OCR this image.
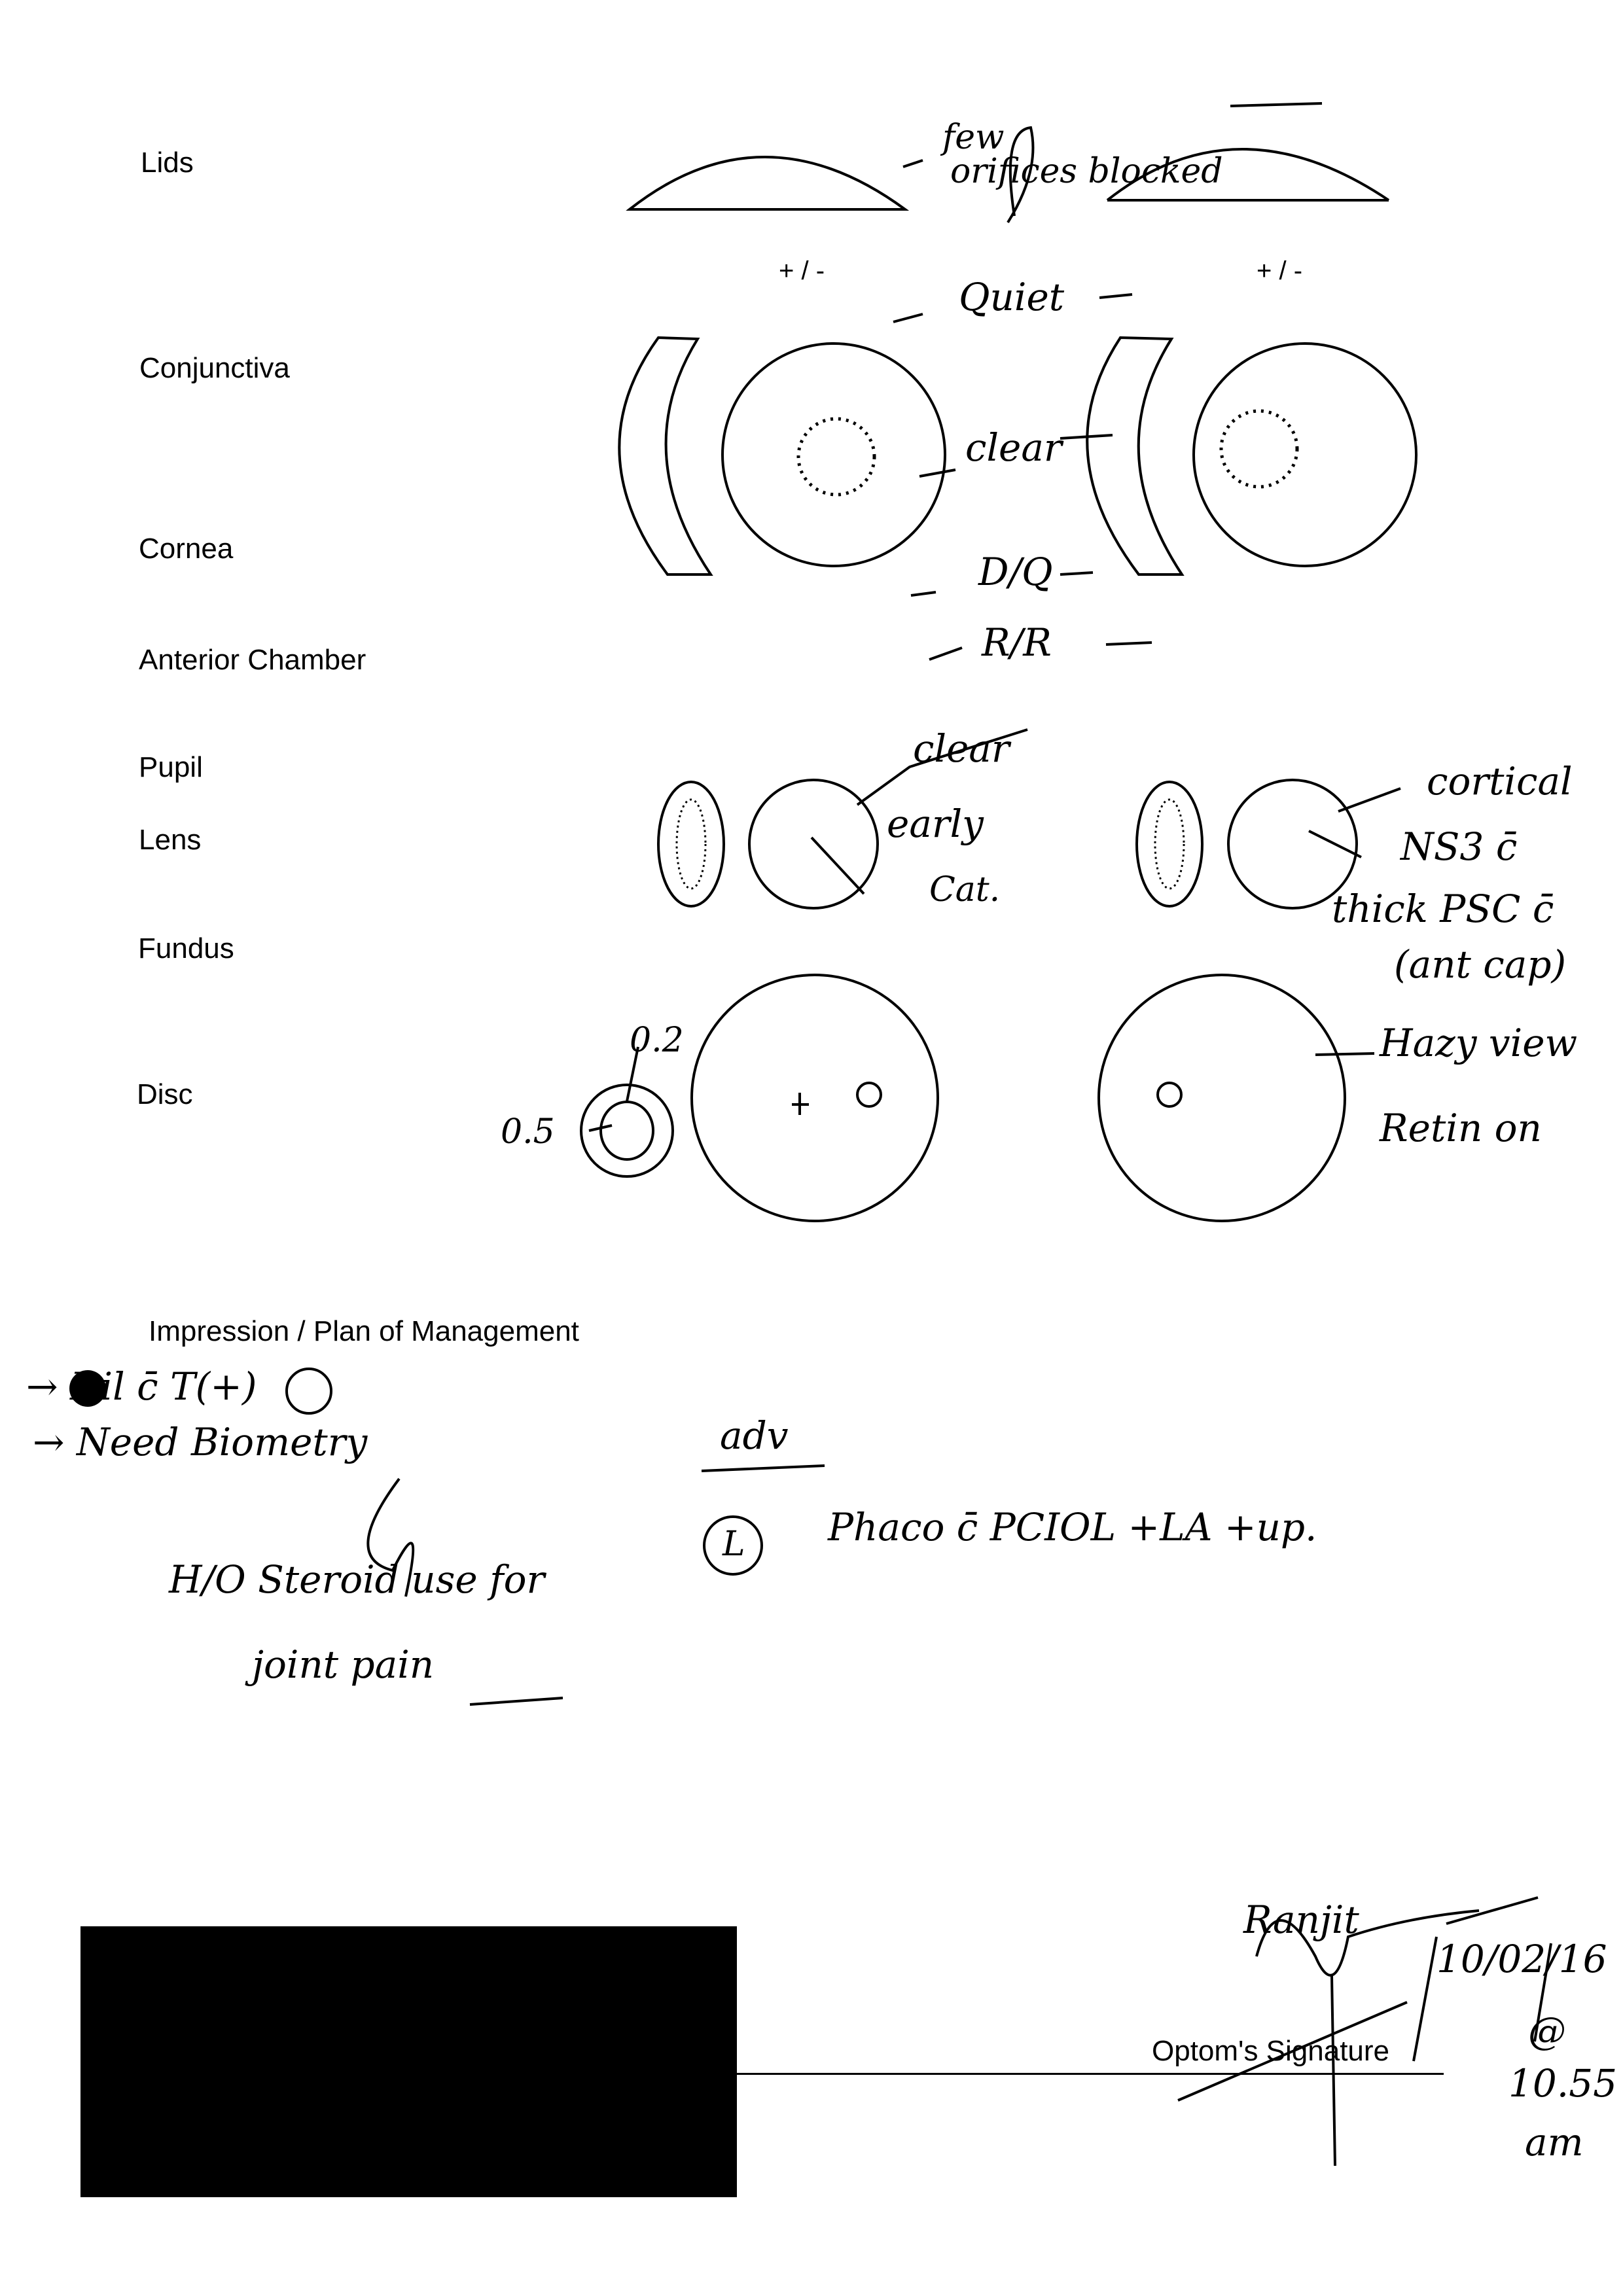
Lids
Conjunctiva
Cornea
Anterior Chamber
Pupil
Lens
Fundus
Disc
Impression / Plan of Management
+ / -	+ / -
few
orifices blocked
Quiet
clear
D/Q
R/R
clear
early
Cat.
cortical
NS3 c̄
thick PSC c̄
(ant cap)
Hazy view
Retin on
0.2
0.5
→ Dil c̄ T(+)
→ Need Biometry
H/O Steroid use for
joint pain
adv
L Phaco c̄ PCIOL +LA +up.
Optom's Signature
Ranjit
10/02/16
@
10.55
am
